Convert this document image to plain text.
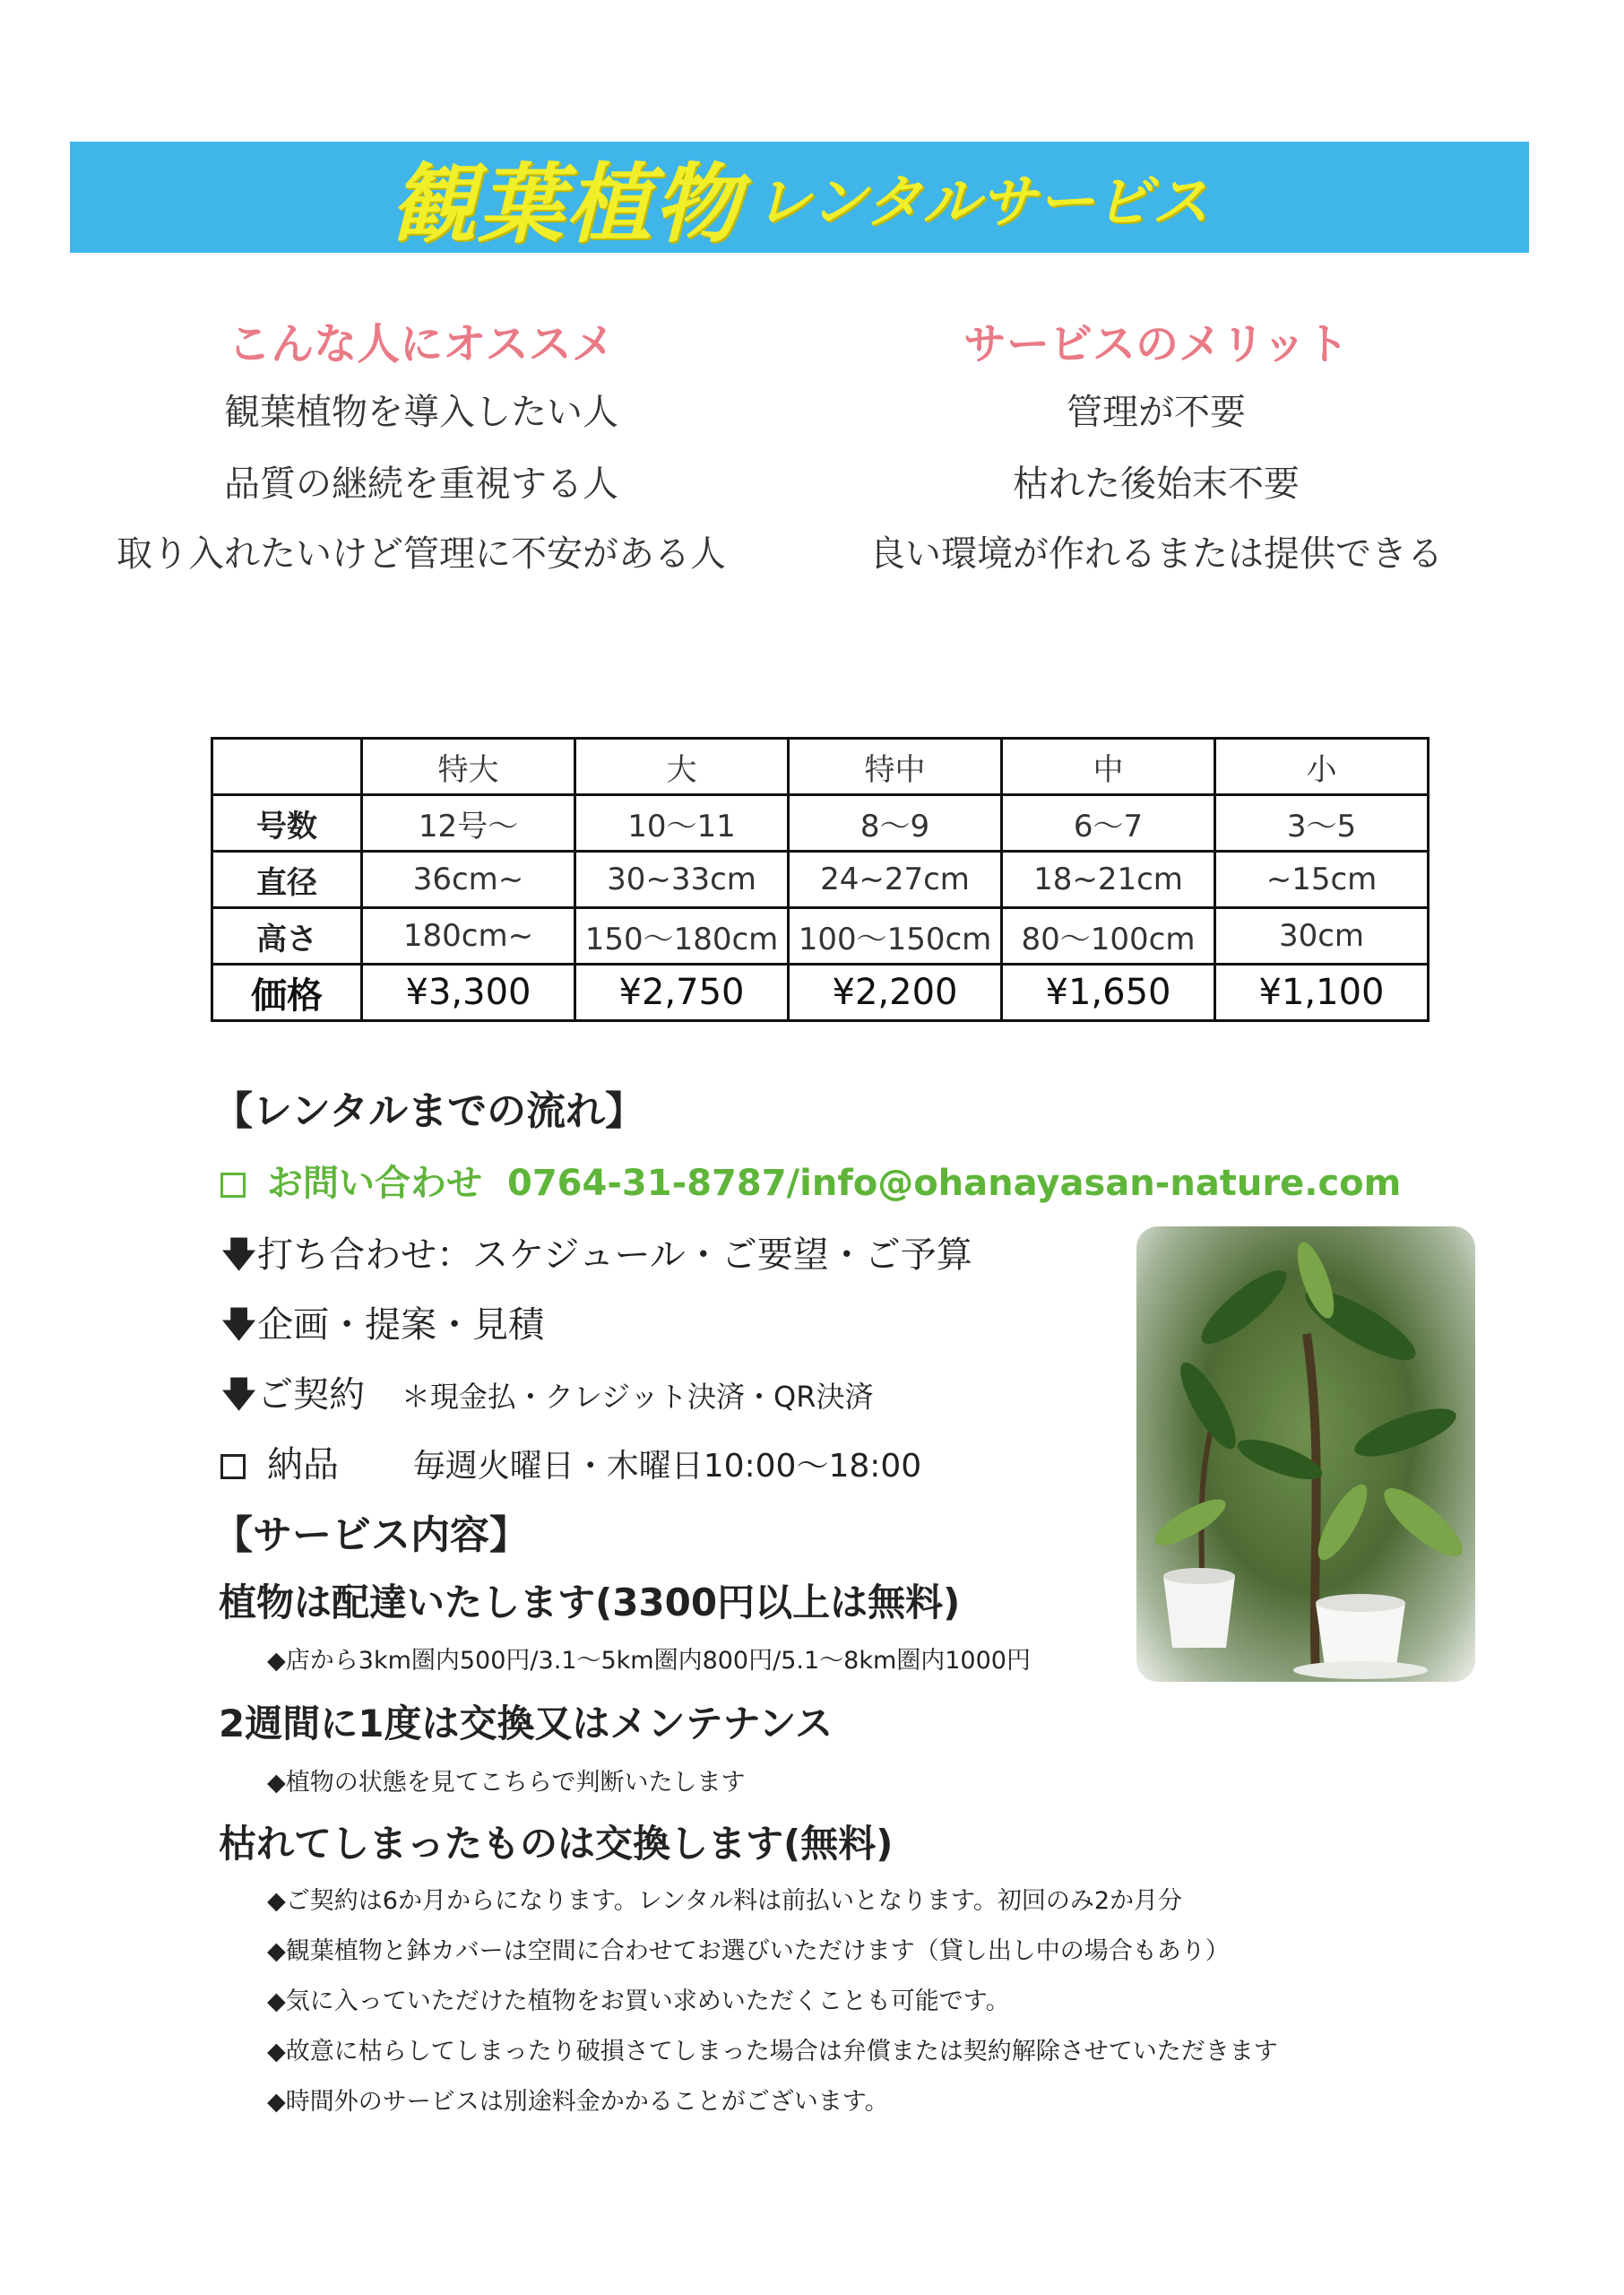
観葉植物 レンタルサービス
こんな人にオススメ
観葉植物を導入したい人
品質の継続を重視する人
取り入れたいけど管理に不安がある人
サービスのメリット
管理が不要
枯れた後始末不要
良い環境が作れるまたは提供できる
	特大	大	特中	中	小
号数	12号～	10～11	8～9	6～7	3～5
直径	36cm~	30~33cm	24~27cm	18~21cm	~15cm
高さ	180cm~	150～180cm	100～150cm	80～100cm	30cm
価格	¥3,300	¥2,750	¥2,200	¥1,650	¥1,100
【レンタルまでの流れ】
お問い合わせ 0764-31-8787/info@ohanayasan-nature.com
🡇打ち合わせ：スケジュール・ご要望・ご予算
🡇企画・提案・見積
🡇ご契約 ＊現金払・クレジット決済・QR決済
納品 毎週火曜日・木曜日10:00～18:00
【サービス内容】
植物は配達いたします(3300円以上は無料)
◆店から3km圏内500円/3.1～5km圏内800円/5.1～8km圏内1000円
2週間に1度は交換又はメンテナンス
◆植物の状態を見てこちらで判断いたします
枯れてしまったものは交換します(無料)
◆ご契約は6か月からになります。レンタル料は前払いとなります。初回のみ2か月分
◆観葉植物と鉢カバーは空間に合わせてお選びいただけます（貸し出し中の場合もあり）
◆気に入っていただけた植物をお買い求めいただくことも可能です。
◆故意に枯らしてしまったり破損さてしまった場合は弁償または契約解除させていただきます
◆時間外のサービスは別途料金かかることがございます。
